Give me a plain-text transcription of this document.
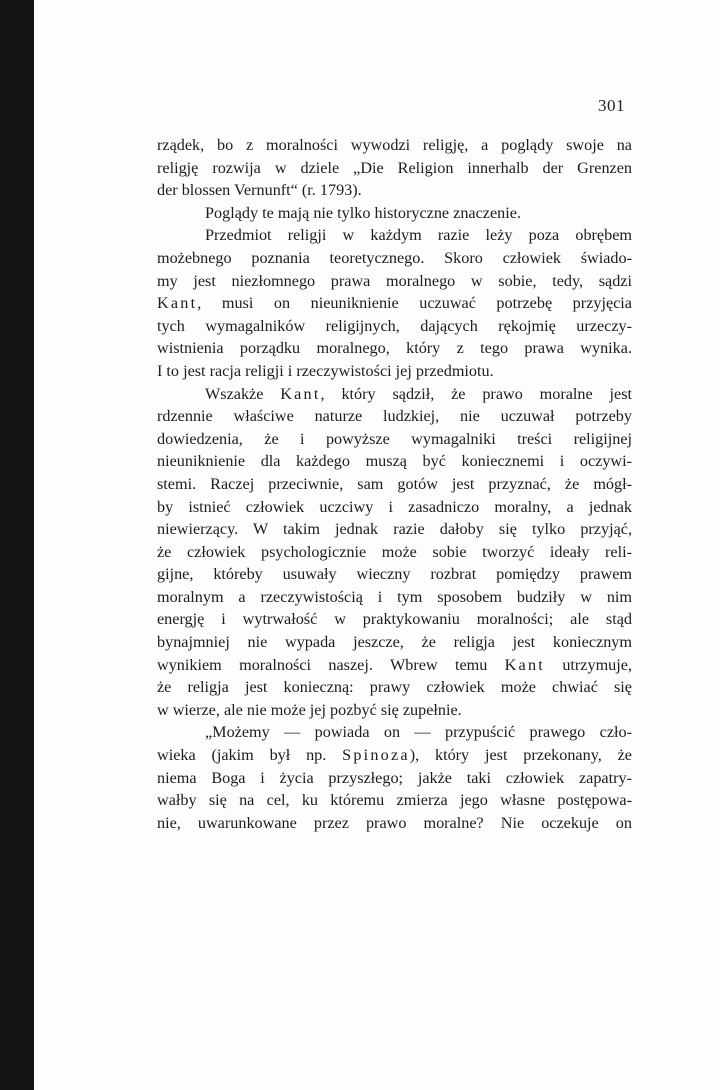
301
rządek, bo z moralności wywodzi religję, a poglądy swoje na
religję rozwija w dziele „Die Religion innerhalb der Grenzen
der blossen Vernunft“ (r. 1793).
Poglądy te mają nie tylko historyczne znaczenie.
Przedmiot religji w każdym razie leży poza obrębem
możebnego poznania teoretycznego. Skoro człowiek świado-
my jest niezłomnego prawa moralnego w sobie, tedy, sądzi
Kant, musi on nieuniknienie uczuwać potrzebę przyjęcia
tych wymagalników religijnych, dających rękojmię urzeczy-
wistnienia porządku moralnego, który z tego prawa wynika.
I to jest racja religji i rzeczywistości jej przedmiotu.
Wszakże Kant, który sądził, że prawo moralne jest
rdzennie właściwe naturze ludzkiej, nie uczuwał potrzeby
dowiedzenia, że i powyższe wymagalniki treści religijnej
nieuniknienie dla każdego muszą być koniecznemi i oczywi-
stemi. Raczej przeciwnie, sam gotów jest przyznać, że mógł-
by istnieć człowiek uczciwy i zasadniczo moralny, a jednak
niewierzący. W takim jednak razie dałoby się tylko przyjąć,
że człowiek psychologicznie może sobie tworzyć ideały reli-
gijne, któreby usuwały wieczny rozbrat pomiędzy prawem
moralnym a rzeczywistością i tym sposobem budziły w nim
energję i wytrwałość w praktykowaniu moralności; ale stąd
bynajmniej nie wypada jeszcze, że religja jest koniecznym
wynikiem moralności naszej. Wbrew temu Kant utrzymuje,
że religja jest konieczną: prawy człowiek może chwiać się
w wierze, ale nie może jej pozbyć się zupełnie.
„Możemy — powiada on — przypuścić prawego czło-
wieka (jakim był np. Spinoza), który jest przekonany, że
niema Boga i życia przyszłego; jakże taki człowiek zapatry-
wałby się na cel, ku któremu zmierza jego własne postępowa-
nie, uwarunkowane przez prawo moralne? Nie oczekuje on
